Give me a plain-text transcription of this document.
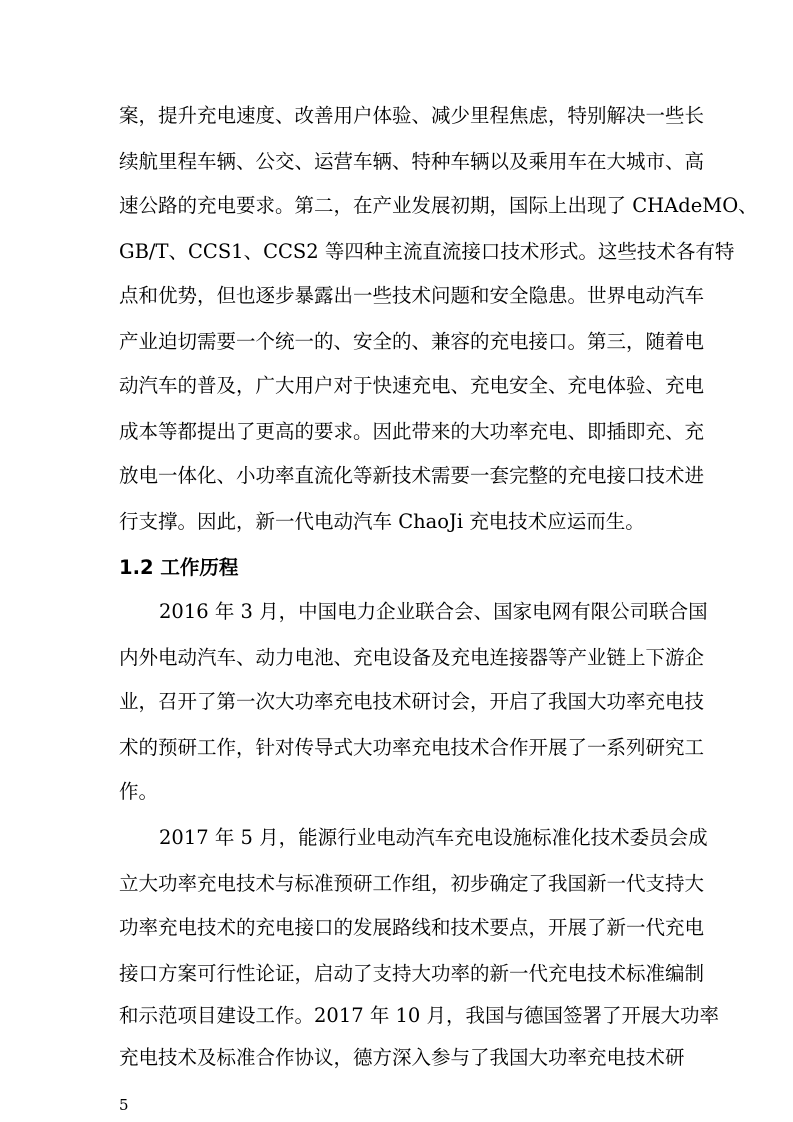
案，提升充电速度、改善用户体验、减少里程焦虑，特别解决一些长
续航里程车辆、公交、运营车辆、特种车辆以及乘用车在大城市、高
速公路的充电要求。第二，在产业发展初期，国际上出现了 CHAdeMO、
GB/T、CCS1、CCS2 等四种主流直流接口技术形式。这些技术各有特
点和优势，但也逐步暴露出一些技术问题和安全隐患。世界电动汽车
产业迫切需要一个统一的、安全的、兼容的充电接口。第三，随着电
动汽车的普及，广大用户对于快速充电、充电安全、充电体验、充电
成本等都提出了更高的要求。因此带来的大功率充电、即插即充、充
放电一体化、小功率直流化等新技术需要一套完整的充电接口技术进
行支撑。因此，新一代电动汽车 ChaoJi 充电技术应运而生。
1.2 工作历程
2016 年 3 月，中国电力企业联合会、国家电网有限公司联合国
内外电动汽车、动力电池、充电设备及充电连接器等产业链上下游企
业，召开了第一次大功率充电技术研讨会，开启了我国大功率充电技
术的预研工作，针对传导式大功率充电技术合作开展了一系列研究工
作。
2017 年 5 月，能源行业电动汽车充电设施标准化技术委员会成
立大功率充电技术与标准预研工作组，初步确定了我国新一代支持大
功率充电技术的充电接口的发展路线和技术要点，开展了新一代充电
接口方案可行性论证，启动了支持大功率的新一代充电技术标准编制
和示范项目建设工作。2017 年 10 月，我国与德国签署了开展大功率
5
充电技术及标准合作协议，德方深入参与了我国大功率充电技术研
